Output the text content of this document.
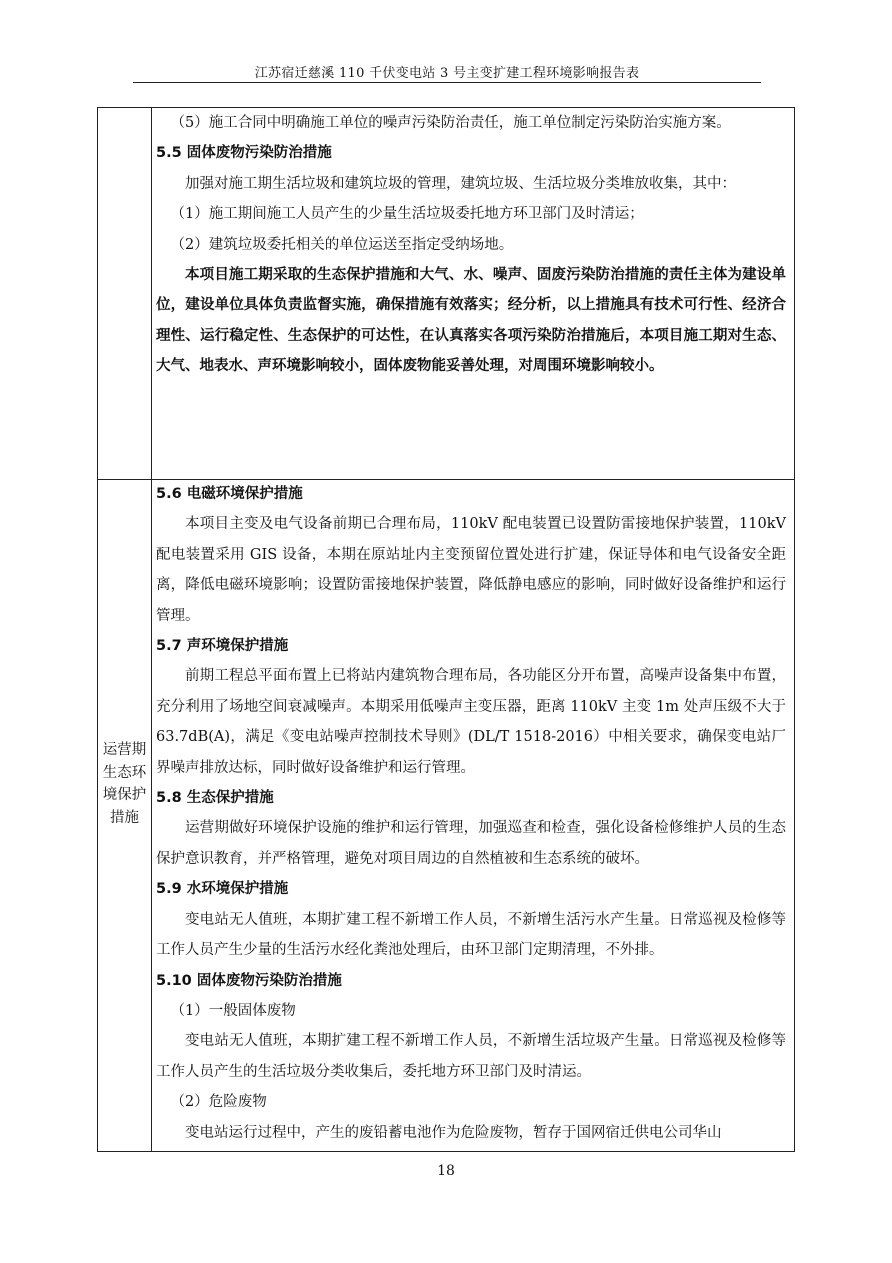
江苏宿迁慈溪 110 千伏变电站 3 号主变扩建工程环境影响报告表

（5）施工合同中明确施工单位的噪声污染防治责任，施工单位制定污染防治实施方案。

5.5 固体废物污染防治措施

加强对施工期生活垃圾和建筑垃圾的管理，建筑垃圾、生活垃圾分类堆放收集，其中：

（1）施工期间施工人员产生的少量生活垃圾委托地方环卫部门及时清运；

（2）建筑垃圾委托相关的单位运送至指定受纳场地。

本项目施工期采取的生态保护措施和大气、水、噪声、固废污染防治措施的责任主体为建设单位，建设单位具体负责监督实施，确保措施有效落实；经分析，以上措施具有技术可行性、经济合理性、运行稳定性、生态保护的可达性，在认真落实各项污染防治措施后，本项目施工期对生态、大气、地表水、声环境影响较小，固体废物能妥善处理，对周围环境影响较小。

运营期
生态环
境保护
措施

5.6 电磁环境保护措施

本项目主变及电气设备前期已合理布局，110kV 配电装置已设置防雷接地保护装置，110kV 配电装置采用 GIS 设备，本期在原站址内主变预留位置处进行扩建，保证导体和电气设备安全距离，降低电磁环境影响；设置防雷接地保护装置，降低静电感应的影响，同时做好设备维护和运行管理。

5.7 声环境保护措施

前期工程总平面布置上已将站内建筑物合理布局，各功能区分开布置，高噪声设备集中布置，充分利用了场地空间衰减噪声。本期采用低噪声主变压器，距离 110kV 主变 1m 处声压级不大于 63.7dB(A)，满足《变电站噪声控制技术导则》(DL/T 1518-2016）中相关要求，确保变电站厂界噪声排放达标，同时做好设备维护和运行管理。

5.8 生态保护措施

运营期做好环境保护设施的维护和运行管理，加强巡查和检查，强化设备检修维护人员的生态保护意识教育，并严格管理，避免对项目周边的自然植被和生态系统的破坏。

5.9 水环境保护措施

变电站无人值班，本期扩建工程不新增工作人员，不新增生活污水产生量。日常巡视及检修等工作人员产生少量的生活污水经化粪池处理后，由环卫部门定期清理，不外排。

5.10 固体废物污染防治措施

（1）一般固体废物

变电站无人值班，本期扩建工程不新增工作人员，不新增生活垃圾产生量。日常巡视及检修等工作人员产生的生活垃圾分类收集后，委托地方环卫部门及时清运。

（2）危险废物

变电站运行过程中，产生的废铅蓄电池作为危险废物，暂存于国网宿迁供电公司华山

18
